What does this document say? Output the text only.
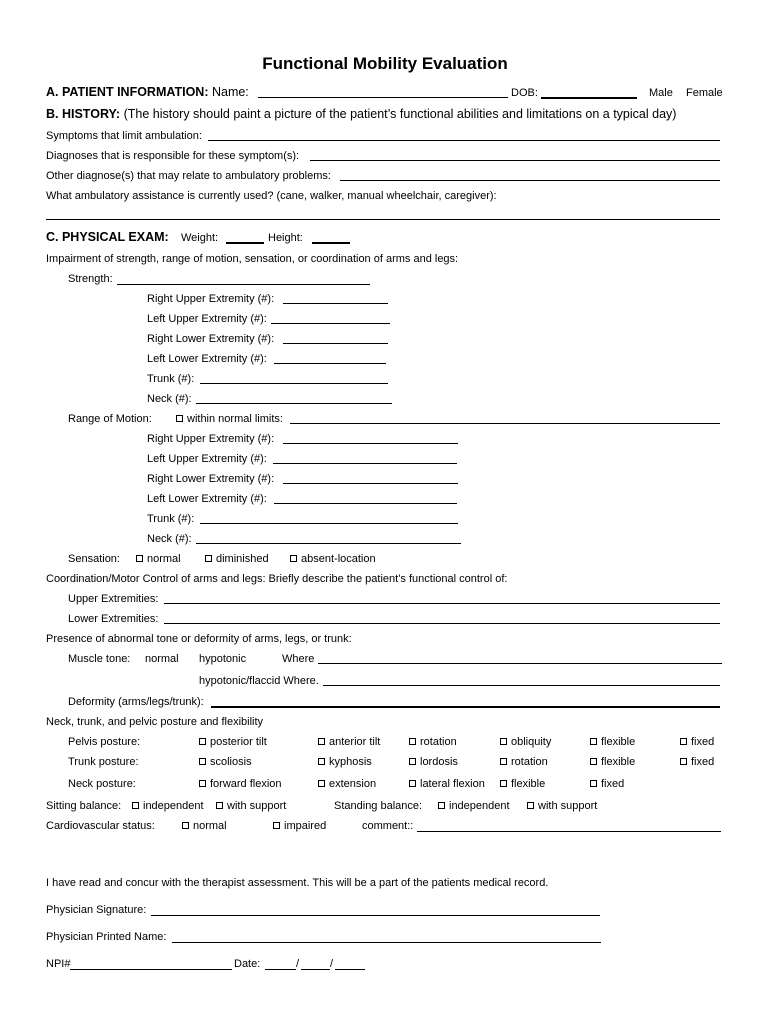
Functional Mobility Evaluation
A. PATIENT INFORMATION: Name:	DOB:	Male Female
B. HISTORY: (The history should paint a picture of the patient’s functional abilities and limitations on a typical day)
Symptoms that limit ambulation:
Diagnoses that is responsible for these symptom(s):
Other diagnose(s) that may relate to ambulatory problems:
What ambulatory assistance is currently used? (cane, walker, manual wheelchair, caregiver):
C. PHYSICAL EXAM: Weight:	Height:
Impairment of strength, range of motion, sensation, or coordination of arms and legs:
Strength:
Right Upper Extremity (#):
Left Upper Extremity (#):
Right Lower Extremity (#):
Left Lower Extremity (#):
Trunk (#):
Neck (#):
Range of Motion:	within normal limits:
Right Upper Extremity (#):
Left Upper Extremity (#):
Right Lower Extremity (#):
Left Lower Extremity (#):
Trunk (#):
Neck (#):
Sensation:	normal	diminished	absent-location
Coordination/Motor Control of arms and legs: Briefly describe the patient’s functional control of:
Upper Extremities:
Lower Extremities:
Presence of abnormal tone or deformity of arms, legs, or trunk:
Muscle tone: normal hypotonic	Where
hypotonic/flaccid Where.
Deformity (arms/legs/trunk):
Neck, trunk, and pelvic posture and flexibility
Pelvis posture:	posterior tilt	anterior tilt	rotation	obliquity	flexible	fixed
Trunk posture:	scoliosis	kyphosis	lordosis	rotation	flexible	fixed
Neck posture:	forward flexion	extension	lateral flexion	flexible	fixed
Sitting balance:	independent	with support	Standing balance:	independent	with support
Cardiovascular status:	normal	impaired	comment::
I have read and concur with the therapist assessment. This will be a part of the patients medical record.
Physician Signature:
Physician Printed Name:
NPI#	Date:	/	/
